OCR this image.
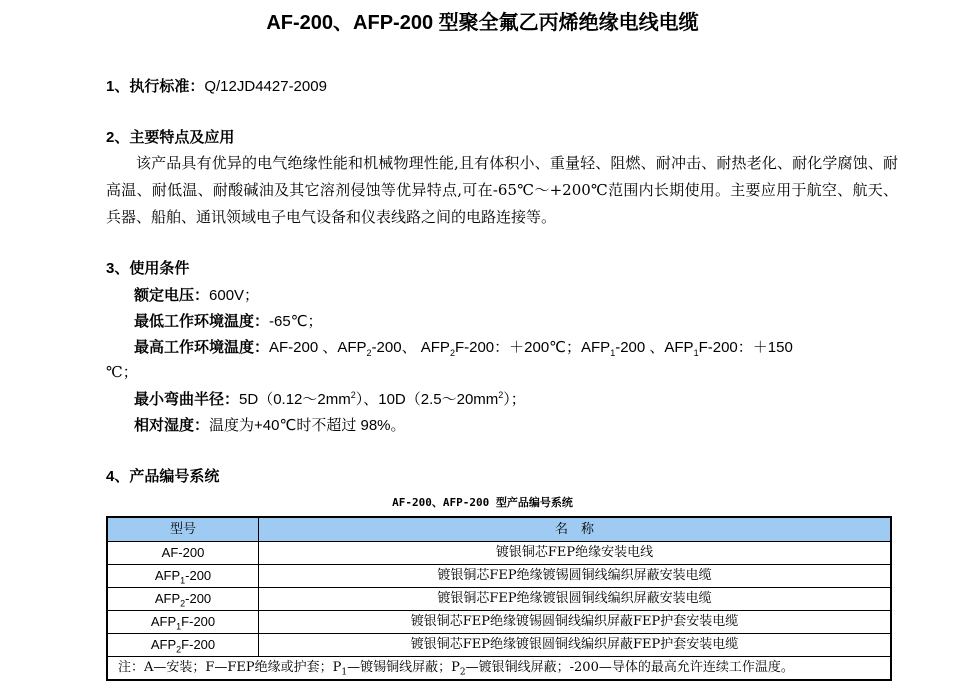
AF-200、AFP-200 型聚全氟乙丙烯绝缘电线电缆
1、执行标准：Q/12JD4427-2009
2、主要特点及应用

该产品具有优异的电气绝缘性能和机械物理性能,且有体积小、重量轻、阻燃、耐冲击、耐热老化、耐化学腐蚀、耐高温、耐低温、耐酸碱油及其它溶剂侵蚀等优异特点,可在-65℃～+200℃范围内长期使用。主要应用于航空、航天、兵器、船舶、通讯领域电子电气设备和仪表线路之间的电路连接等。

3、使用条件
额定电压：600V；
最低工作环境温度：-65℃；
最高工作环境温度：AF-200 、$AFP_2-200$、 $AFP_2F-200$：＋200℃；$AFP_1-200$ 、$AFP_1F-200$：＋150
℃；
最小弯曲半径：$5D(0.12\sim 2mm^2)$、$10D(2.5\sim 20mm^2)$；
相对湿度：温度为+40℃时不超过 98%。
4、产品编号系统
AF-200、AFP-200 型产品编号系统
型号	名　称
AF-200	镀银铜芯FEP绝缘安装电线
$AFP_1-200$	镀银铜芯FEP绝缘镀锡圆铜线编织屏蔽安装电缆
$AFP_2-200$	镀银铜芯FEP绝缘镀银圆铜线编织屏蔽安装电缆
$AFP_1F-200$	镀银铜芯FEP绝缘镀锡圆铜线编织屏蔽FEP护套安装电缆
$AFP_2F-200$	镀银铜芯FEP绝缘镀银圆铜线编织屏蔽FEP护套安装电缆
注：A—安装；F—FEP绝缘或护套；$P_1—$镀锡铜线屏蔽；$P_2—$镀银铜线屏蔽；-200—导体的最高允许连续工作温度。	
